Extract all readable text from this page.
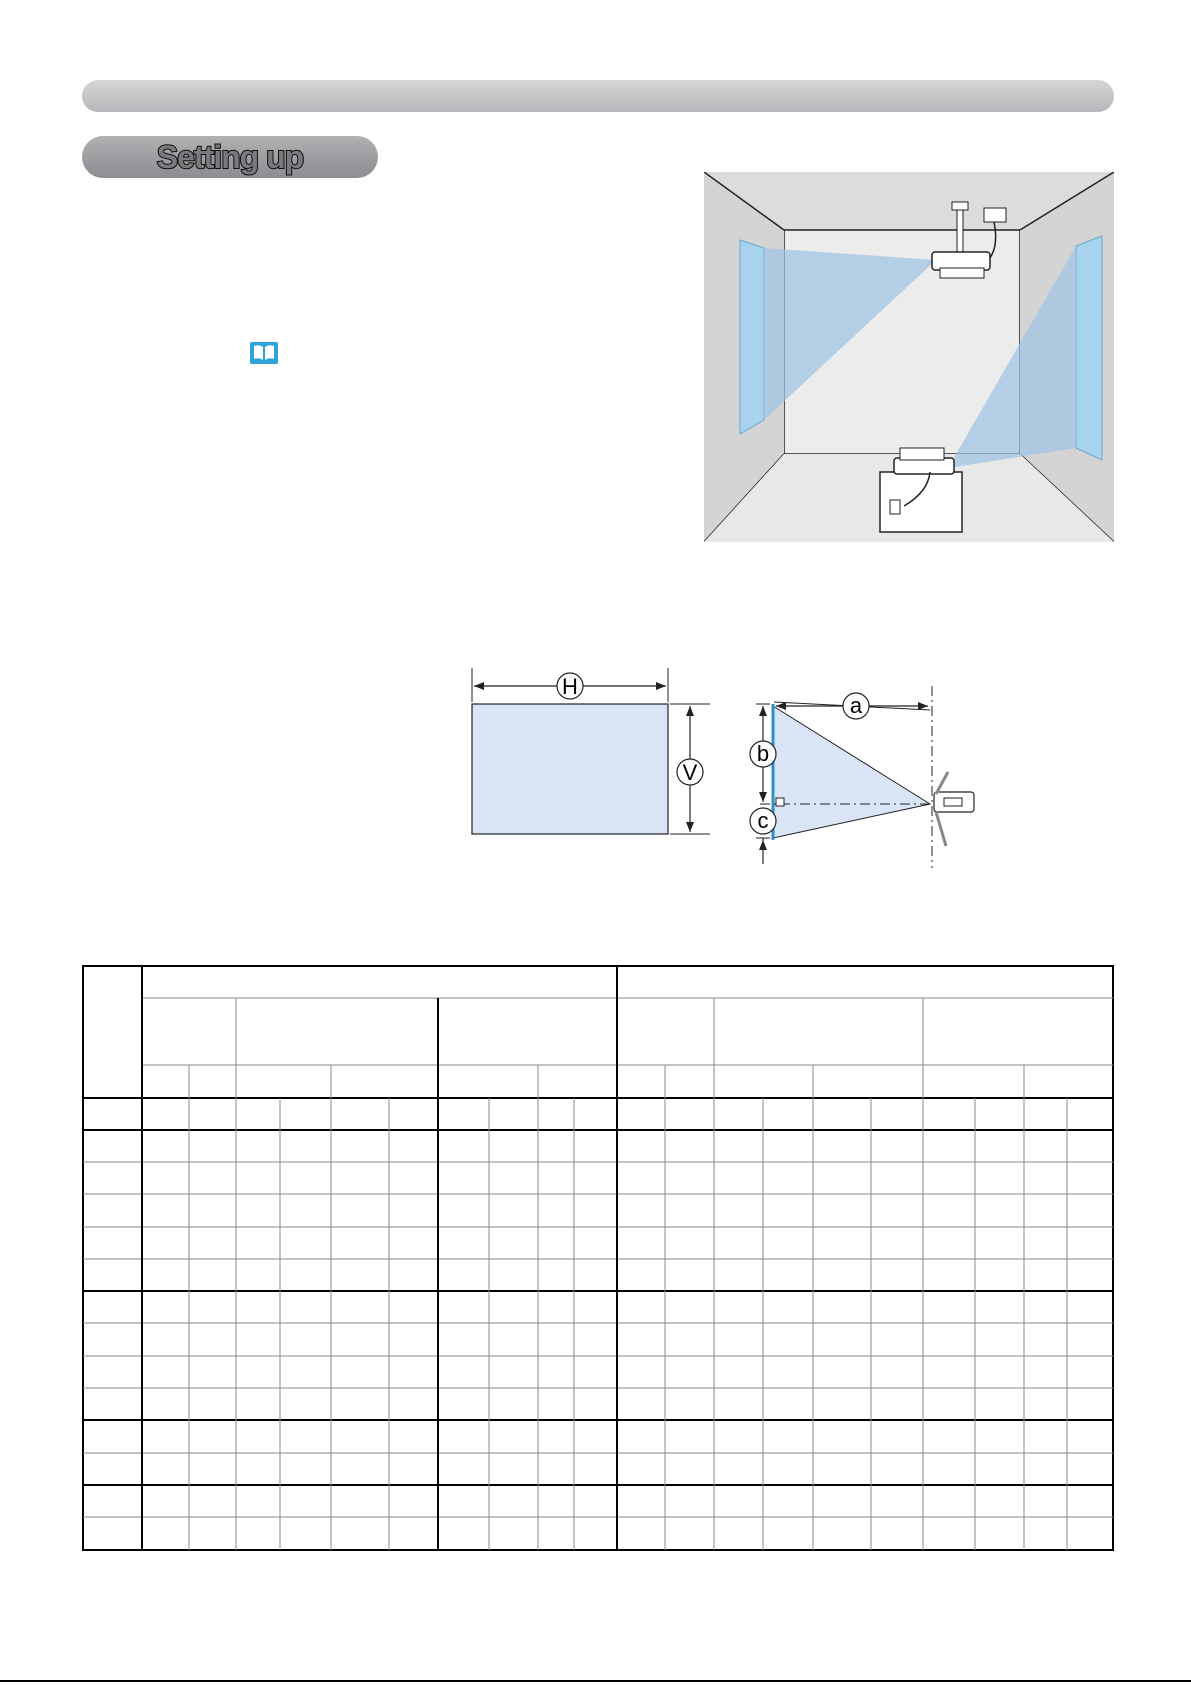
Setting up
H
V
a
b
c
